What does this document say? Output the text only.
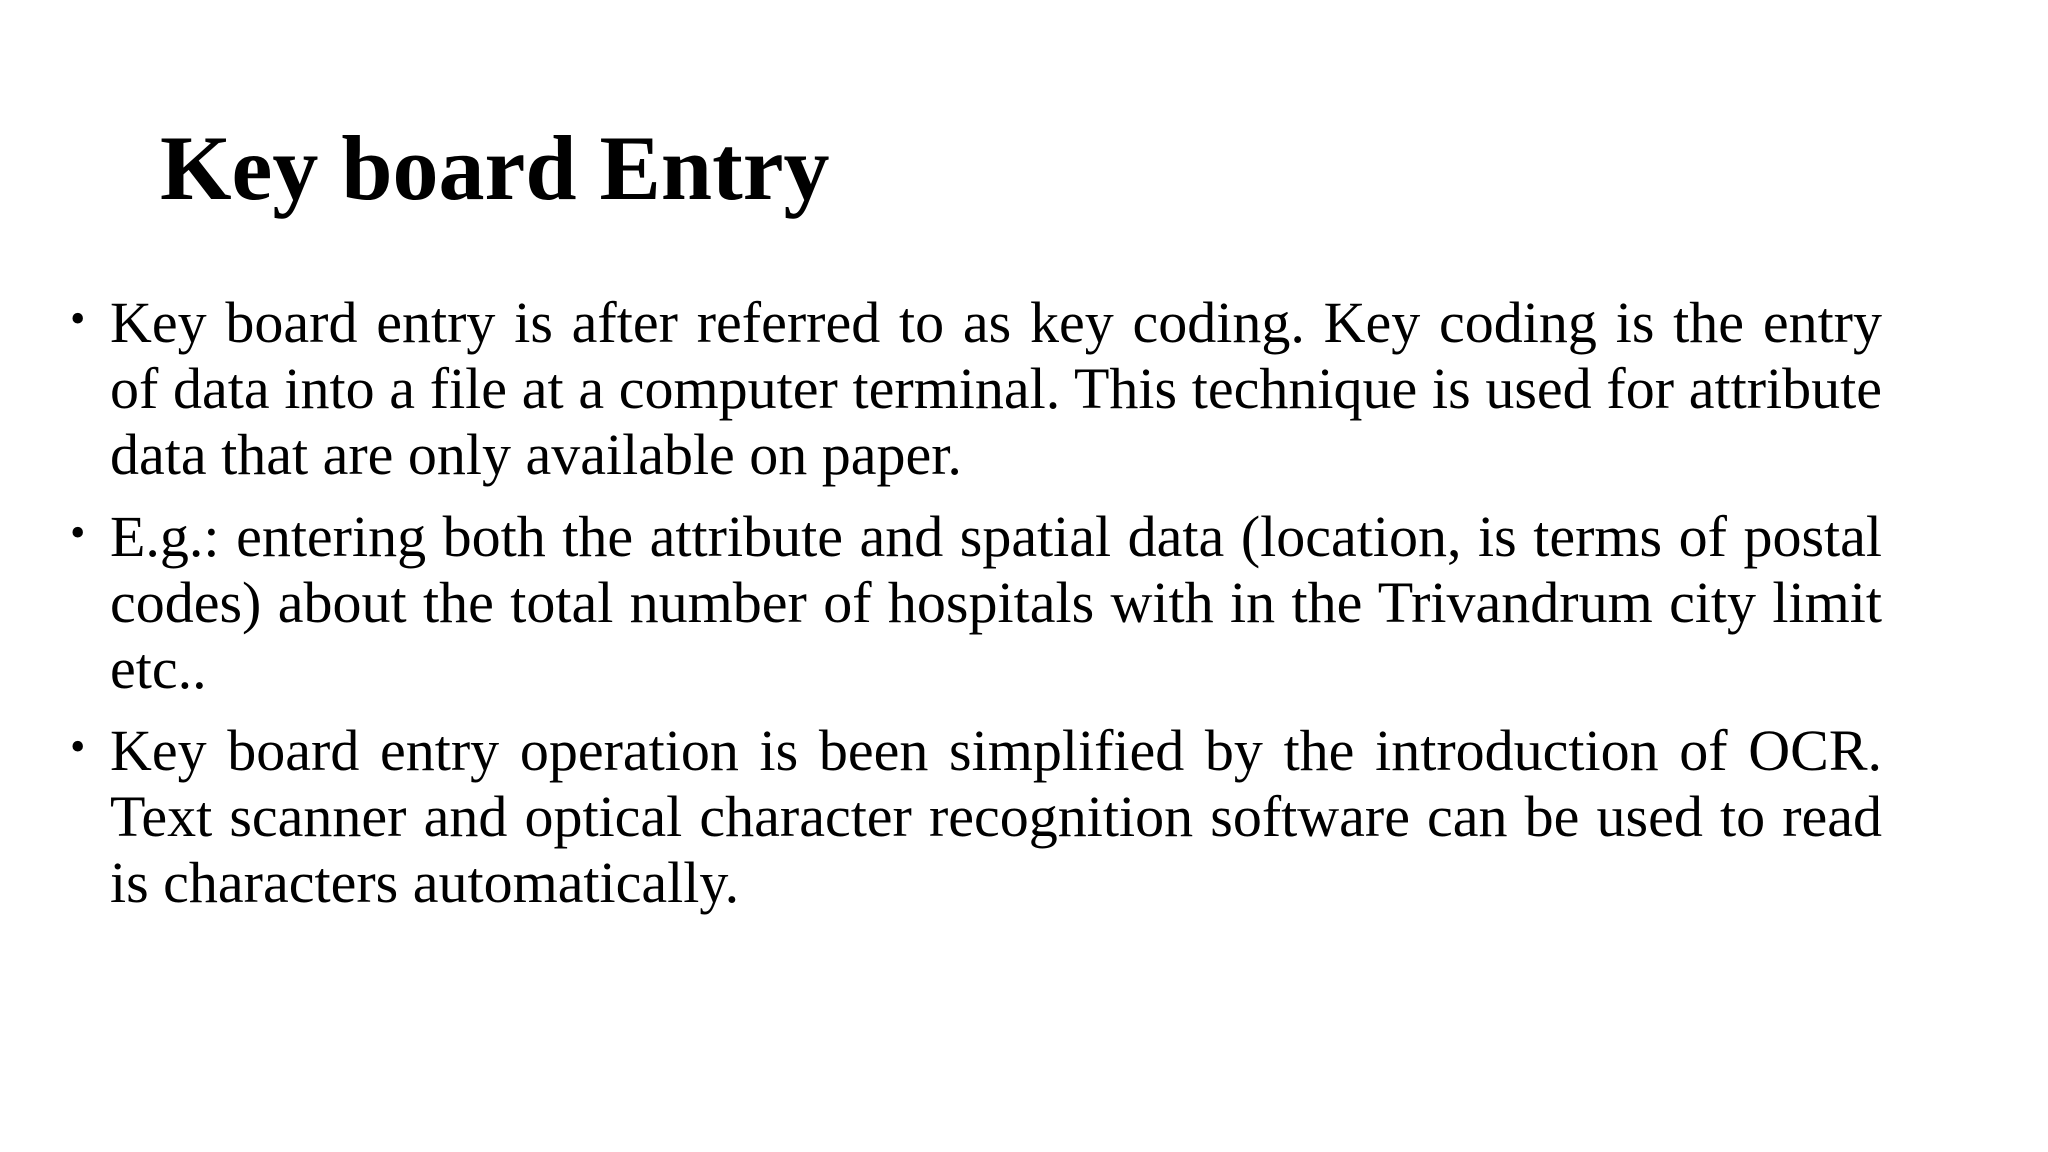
Key board Entry
• Key board entry is after referred to as key coding. Key coding is the entry of data into a file at a computer terminal. This technique is used for attribute data that are only available on paper.
• E.g.: entering both the attribute and spatial data (location, is terms of postal codes) about the total number of hospitals with in the Trivandrum city limit etc..
• Key board entry operation is been simplified by the introduction of OCR. Text scanner and optical character recognition software can be used to read is characters automatically.
